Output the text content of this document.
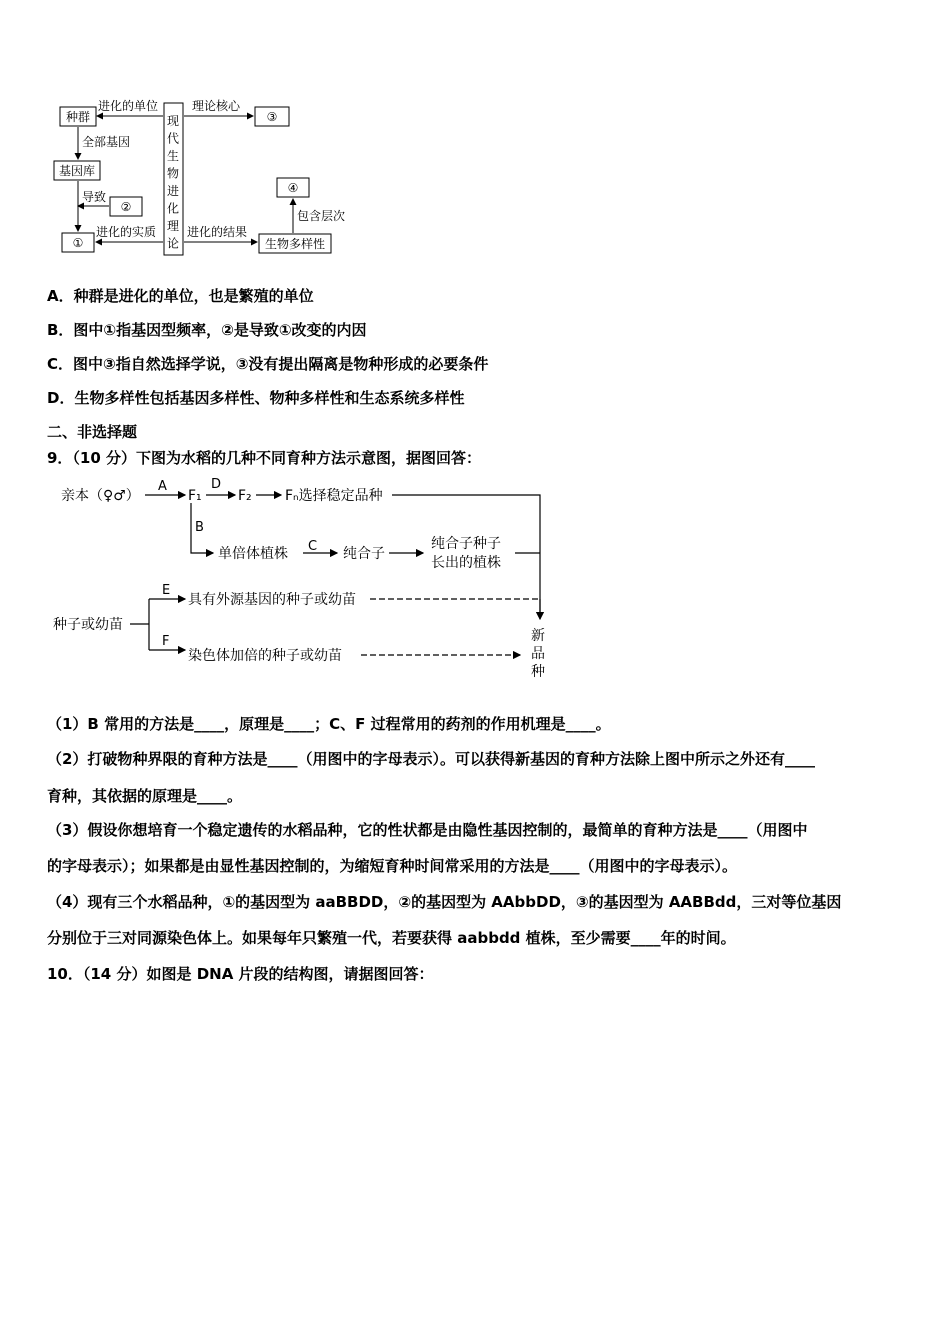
种群
基因库
①
②
③
④
生物多样性
进化的单位	理论核心
全部基因
导致
进化的实质	进化的结果
包含层次
现代生物进化理论
A．种群是进化的单位，也是繁殖的单位
B．图中①指基因型频率，②是导致①改变的内因
C．图中③指自然选择学说，③没有提出隔离是物种形成的必要条件
D．生物多样性包括基因多样性、物种多样性和生态系统多样性
二、非选择题
9．（10 分）下图为水稻的几种不同育种方法示意图，据图回答：
亲本（♀♂）
A
F₁
D
F₂ Fₙ选择稳定品种
B
单倍体植株 C 纯合子
纯合子种子
长出的植株
种子或幼苗
E
具有外源基因的种子或幼苗
F
染色体加倍的种子或幼苗
新品种
（1）B 常用的方法是____，原理是____；C、F 过程常用的药剂的作用机理是____。
（2）打破物种界限的育种方法是____（用图中的字母表示）。可以获得新基因的育种方法除上图中所示之外还有____
育种，其依据的原理是____。
（3）假设你想培育一个稳定遗传的水稻品种，它的性状都是由隐性基因控制的，最简单的育种方法是____（用图中
的字母表示）；如果都是由显性基因控制的，为缩短育种时间常采用的方法是____（用图中的字母表示）。
（4）现有三个水稻品种，①的基因型为 aaBBDD，②的基因型为 AAbbDD，③的基因型为 AABBdd，三对等位基因
分别位于三对同源染色体上。如果每年只繁殖一代，若要获得 aabbdd 植株，至少需要____年的时间。
10．（14 分）如图是 DNA 片段的结构图，请据图回答：
